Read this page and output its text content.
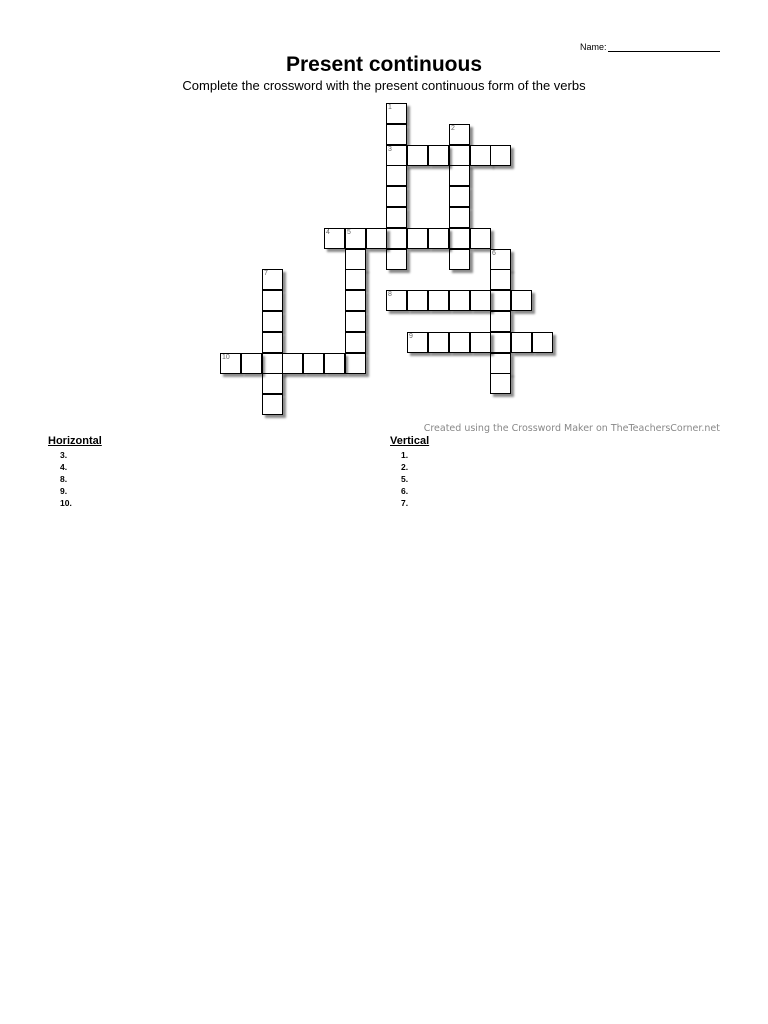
Name:
Present continuous
Complete the crossword with the present continuous form of the verbs
1
3
2
4 5
6
7
8
9
10
Created using the Crossword Maker on TheTeachersCorner.net
Horizontal
3.
4.
8.
9.
10.
Vertical
1.
2.
5.
6.
7.
